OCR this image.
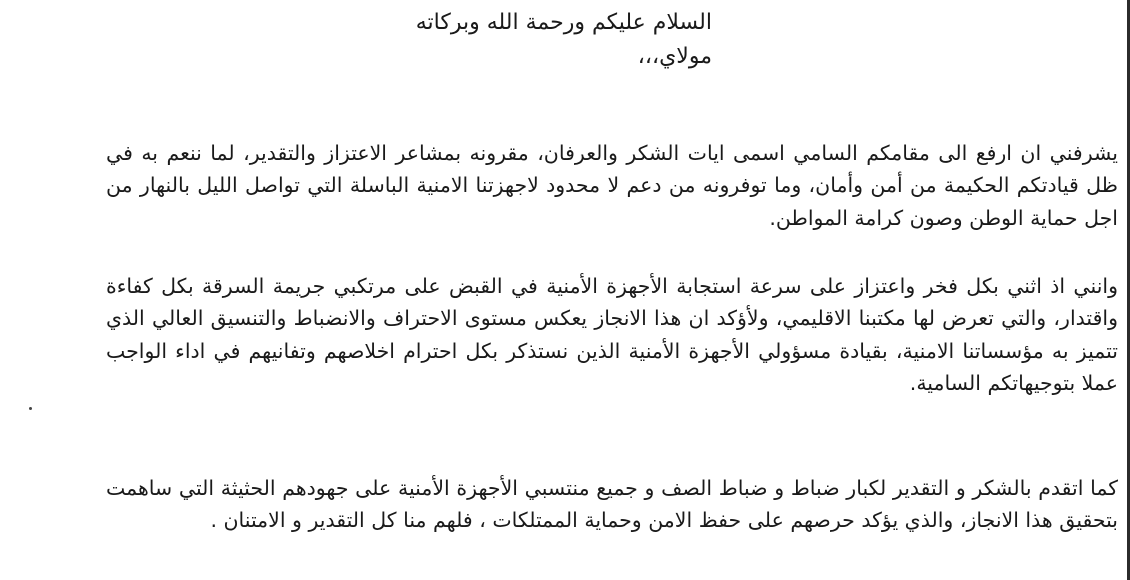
السلام عليكم ورحمة الله وبركاته
مولاي،،،

يشرفني ان ارفع الى مقامكم السامي اسمى ايات الشكر والعرفان، مقرونه بمشاعر الاعتزاز والتقدير، لما ننعم به في ظل قيادتكم الحكيمة من أمن وأمان، وما توفرونه من دعم لا محدود لاجهزتنا الامنية الباسلة التي تواصل الليل بالنهار من اجل حماية الوطن وصون كرامة المواطن.

وانني اذ اثني بكل فخر واعتزاز على سرعة استجابة الأجهزة الأمنية في القبض على مرتكبي جريمة السرقة بكل كفاءة واقتدار، والتي تعرض لها مكتبنا الاقليمي، ولأؤكد ان هذا الانجاز يعكس مستوى الاحتراف والانضباط والتنسيق العالي الذي تتميز به مؤسساتنا الامنية، بقيادة مسؤولي الأجهزة الأمنية الذين نستذكر بكل احترام اخلاصهم وتفانيهم في اداء الواجب عملا بتوجيهاتكم السامية.

كما اتقدم بالشكر و التقدير لكبار ضباط و ضباط الصف و جميع منتسبي الأجهزة الأمنية على جهودهم الحثيثة التي ساهمت بتحقيق هذا الانجاز، والذي يؤكد حرصهم على حفظ الامن وحماية الممتلكات ، فلهم منا كل التقدير و الامتنان .
